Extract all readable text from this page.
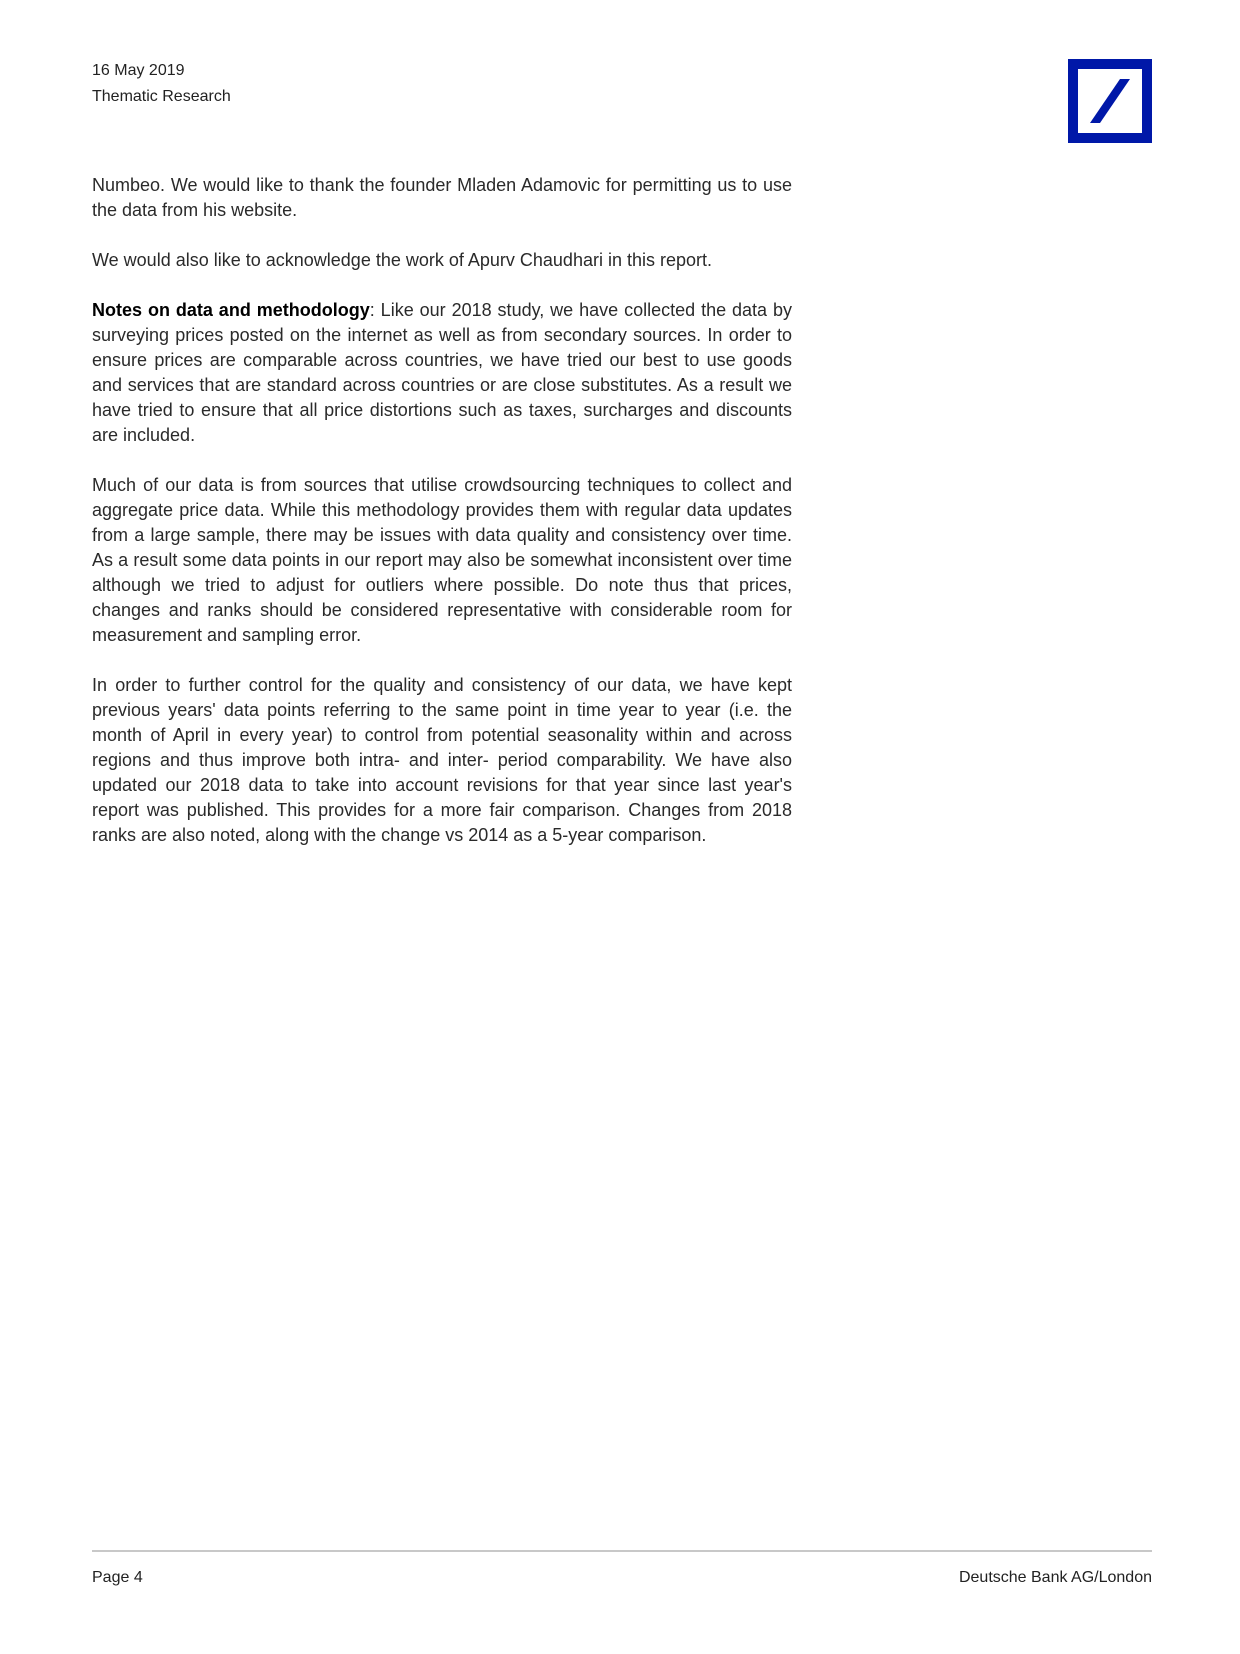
16 May 2019
Thematic Research

Numbeo. We would like to thank the founder Mladen Adamovic for permitting us to use the data from his website.

We would also like to acknowledge the work of Apurv Chaudhari in this report.

Notes on data and methodology: Like our 2018 study, we have collected the data by surveying prices posted on the internet as well as from secondary sources. In order to ensure prices are comparable across countries, we have tried our best to use goods and services that are standard across countries or are close substitutes. As a result we have tried to ensure that all price distortions such as taxes, surcharges and discounts are included.

Much of our data is from sources that utilise crowdsourcing techniques to collect and aggregate price data. While this methodology provides them with regular data updates from a large sample, there may be issues with data quality and consistency over time. As a result some data points in our report may also be somewhat inconsistent over time although we tried to adjust for outliers where possible. Do note thus that prices, changes and ranks should be considered representative with considerable room for measurement and sampling error.

In order to further control for the quality and consistency of our data, we have kept previous years' data points referring to the same point in time year to year (i.e. the month of April in every year) to control from potential seasonality within and across regions and thus improve both intra- and inter- period comparability. We have also updated our 2018 data to take into account revisions for that year since last year's report was published. This provides for a more fair comparison. Changes from 2018 ranks are also noted, along with the change vs 2014 as a 5-year comparison.

Page 4	Deutsche Bank AG/London
